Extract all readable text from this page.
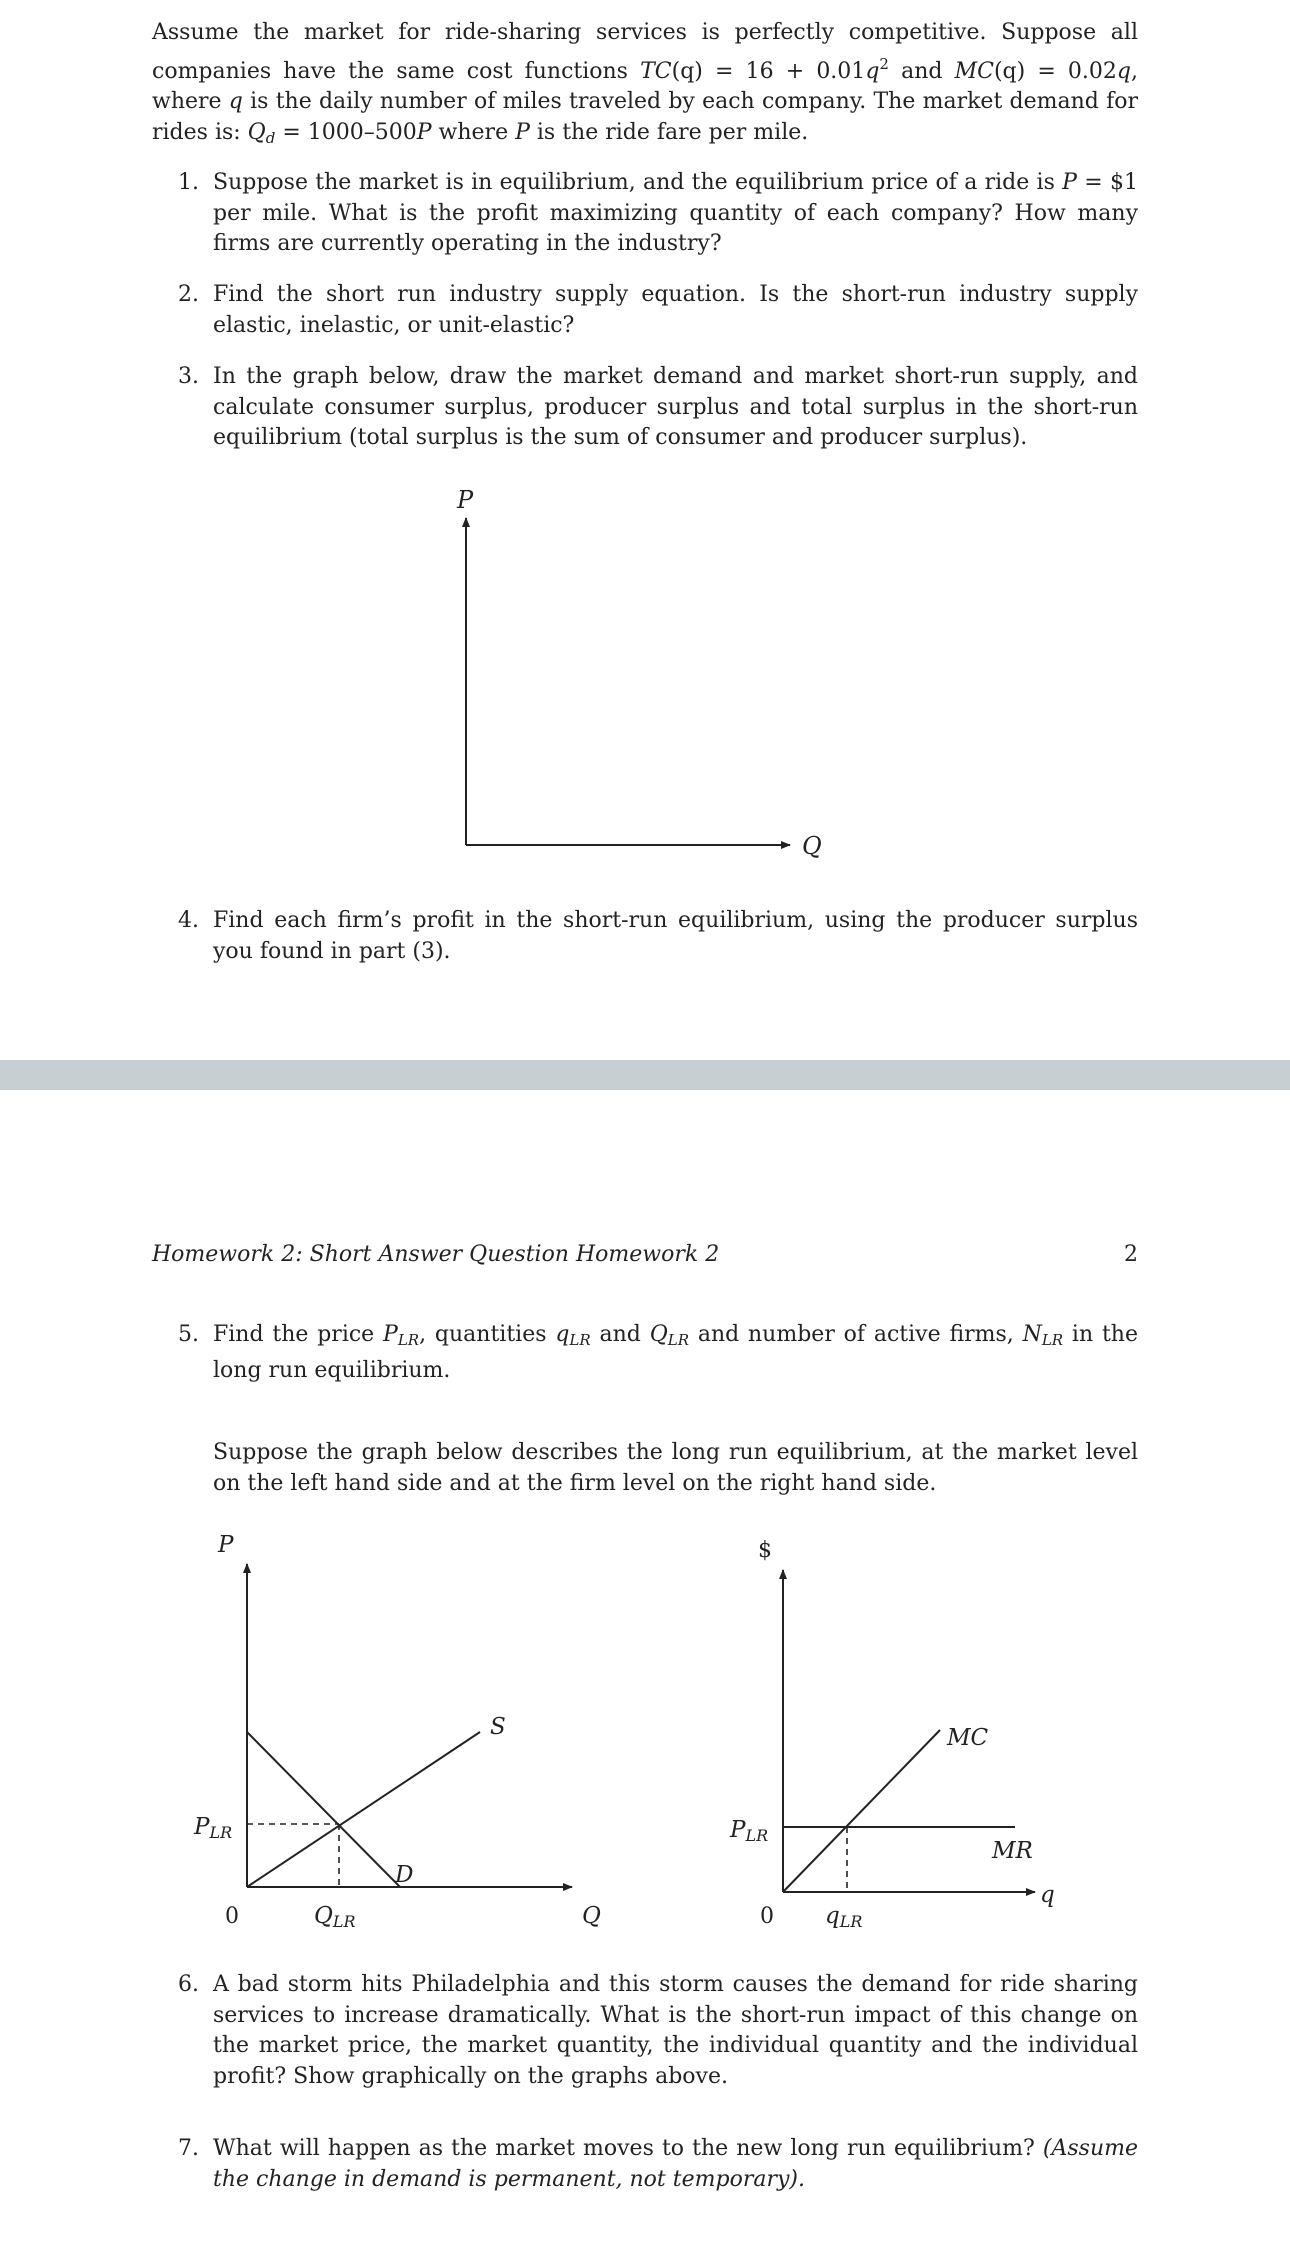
Assume the market for ride-sharing services is perfectly competitive. Suppose all companies have the same cost functions $TC(q) = 16 + 0.01q^2$ and MC(q) = 0.02q, where q is the daily number of miles traveled by each company. The market demand for rides is: $Q_d = 1000-500P$ where P is the ride fare per mile.
1. Suppose the market is in equilibrium, and the equilibrium price of a ride is P = $1 per mile. What is the profit maximizing quantity of each company? How many firms are currently operating in the industry?
2. Find the short run industry supply equation. Is the short-run industry supply elastic, inelastic, or unit-elastic?
3. In the graph below, draw the market demand and market short-run supply, and calculate consumer surplus, producer surplus and total surplus in the short-run equilibrium (total surplus is the sum of consumer and producer surplus).
P
Q
4. Find each firm’s profit in the short-run equilibrium, using the producer surplus you found in part (3).
Homework 2: Short Answer Question Homework 2	2
5. Find the price $P_{LR}$, quantities $q_{LR}$ and $Q_{LR}$ and number of active firms, $N_{LR}$ in the long run equilibrium.
Suppose the graph below describes the long run equilibrium, at the market level on the left hand side and at the firm level on the right hand side.
P
Q
0
PLR
QLR
S
D
$
q
0
PLR
qLR
MC
MR
6. A bad storm hits Philadelphia and this storm causes the demand for ride sharing services to increase dramatically. What is the short-run impact of this change on the market price, the market quantity, the individual quantity and the individual profit? Show graphically on the graphs above.
7. What will happen as the market moves to the new long run equilibrium? (Assume the change in demand is permanent, not temporary).
